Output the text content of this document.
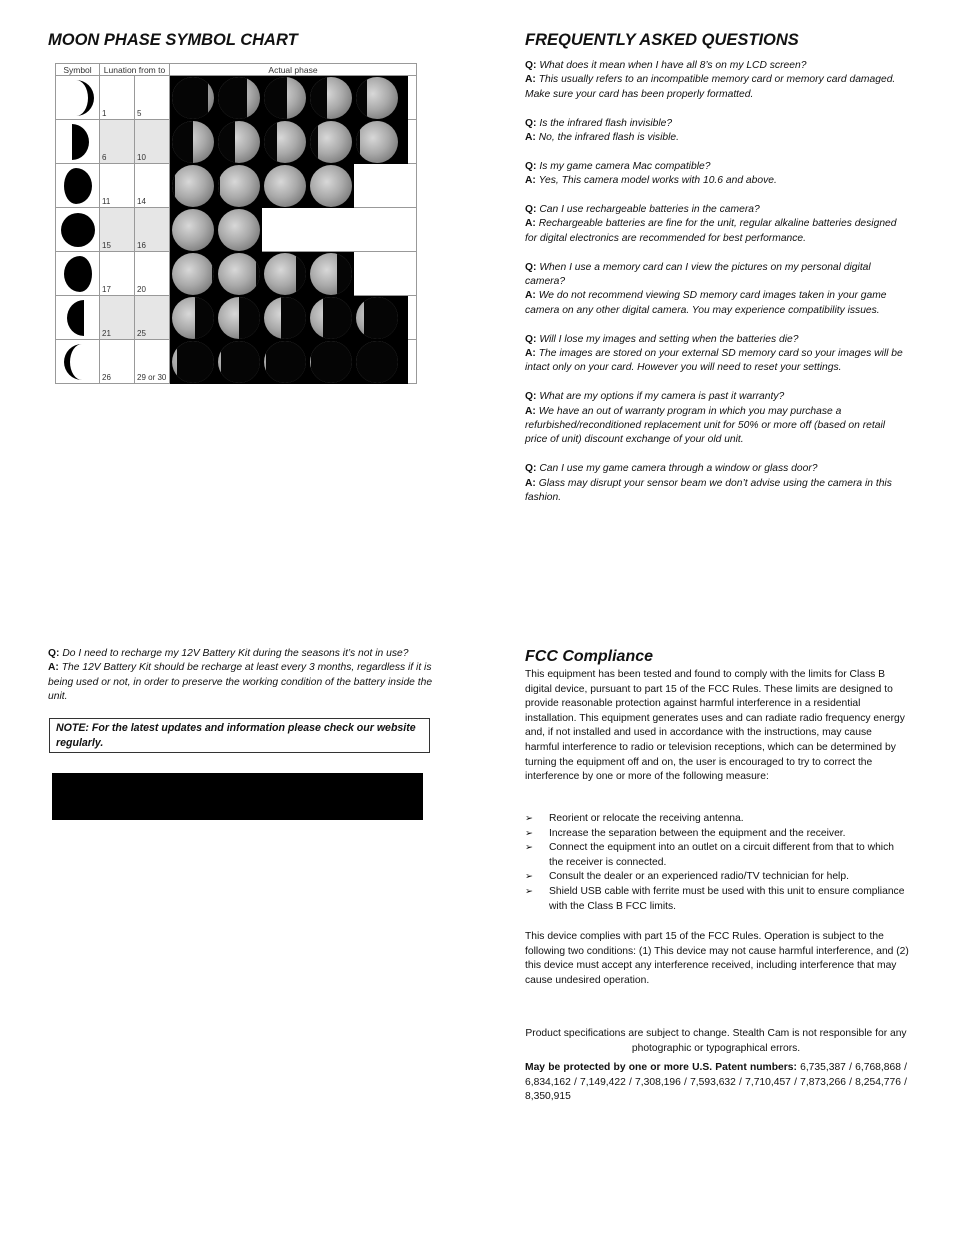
MOON PHASE SYMBOL CHART
Symbol	Lunation from to		Actual phase

1	5	

6	10	

11	14	

15	16	

17	20	

21	25	

26	29 or 30	

Q: Do I need to recharge my 12V Battery Kit during the seasons it’s not in use?
A: The 12V Battery Kit should be recharge at least every 3 months, regardless if it is being used or not, in order to preserve the working condition of the battery inside the unit.
NOTE: For the latest updates and information please check our website regularly.
FREQUENTLY ASKED QUESTIONS
Q: What does it mean when I have all 8’s on my LCD screen?
A: This usually refers to an incompatible memory card or memory card damaged. Make sure your card has been properly formatted.
Q: Is the infrared flash invisible?
A: No, the infrared flash is visible.
Q: Is my game camera Mac compatible?
A: Yes, This camera model works with 10.6 and above.
Q: Can I use rechargeable batteries in the camera?
A: Rechargeable batteries are fine for the unit, regular alkaline batteries designed for digital electronics are recommended for best performance.
Q: When I use a memory card can I view the pictures on my personal digital camera?
A: We do not recommend viewing SD memory card images taken in your game camera on any other digital camera. You may experience compatibility issues.
Q: Will I lose my images and setting when the batteries die?
A: The images are stored on your external SD memory card so your images will be intact only on your card. However you will need to reset your settings.
Q: What are my options if my camera is past it warranty?
A: We have an out of warranty program in which you may purchase a refurbished/reconditioned replacement unit for 50% or more off (based on retail price of unit) discount exchange of your old unit.
Q: Can I use my game camera through a window or glass door?
A: Glass may disrupt your sensor beam we don’t advise using the camera in this fashion.
FCC Compliance
This equipment has been tested and found to comply with the limits for Class B digital device, pursuant to part 15 of the FCC Rules. These limits are designed to provide reasonable protection against harmful interference in a residential installation. This equipment generates uses and can radiate radio frequency energy and, if not installed and used in accordance with the instructions, may cause harmful interference to radio or television receptions, which can be determined by turning the equipment off and on, the user is encouraged to try to correct the interference by one or more of the following measure:
➢ Reorient or relocate the receiving antenna.
➢ Increase the separation between the equipment and the receiver.
➢ Connect the equipment into an outlet on a circuit different from that to which the receiver is connected.
➢ Consult the dealer or an experienced radio/TV technician for help.
➢ Shield USB cable with ferrite must be used with this unit to ensure compliance with the Class B FCC limits.
This device complies with part 15 of the FCC Rules. Operation is subject to the following two conditions: (1) This device may not cause harmful interference, and (2) this device must accept any interference received, including interference that may cause undesired operation.
Product specifications are subject to change. Stealth Cam is not responsible for any photographic or typographical errors.
May be protected by one or more U.S. Patent numbers: 6,735,387 / 6,768,868 / 6,834,162 / 7,149,422 / 7,308,196 / 7,593,632 / 7,710,457 / 7,873,266 / 8,254,776 / 8,350,915
